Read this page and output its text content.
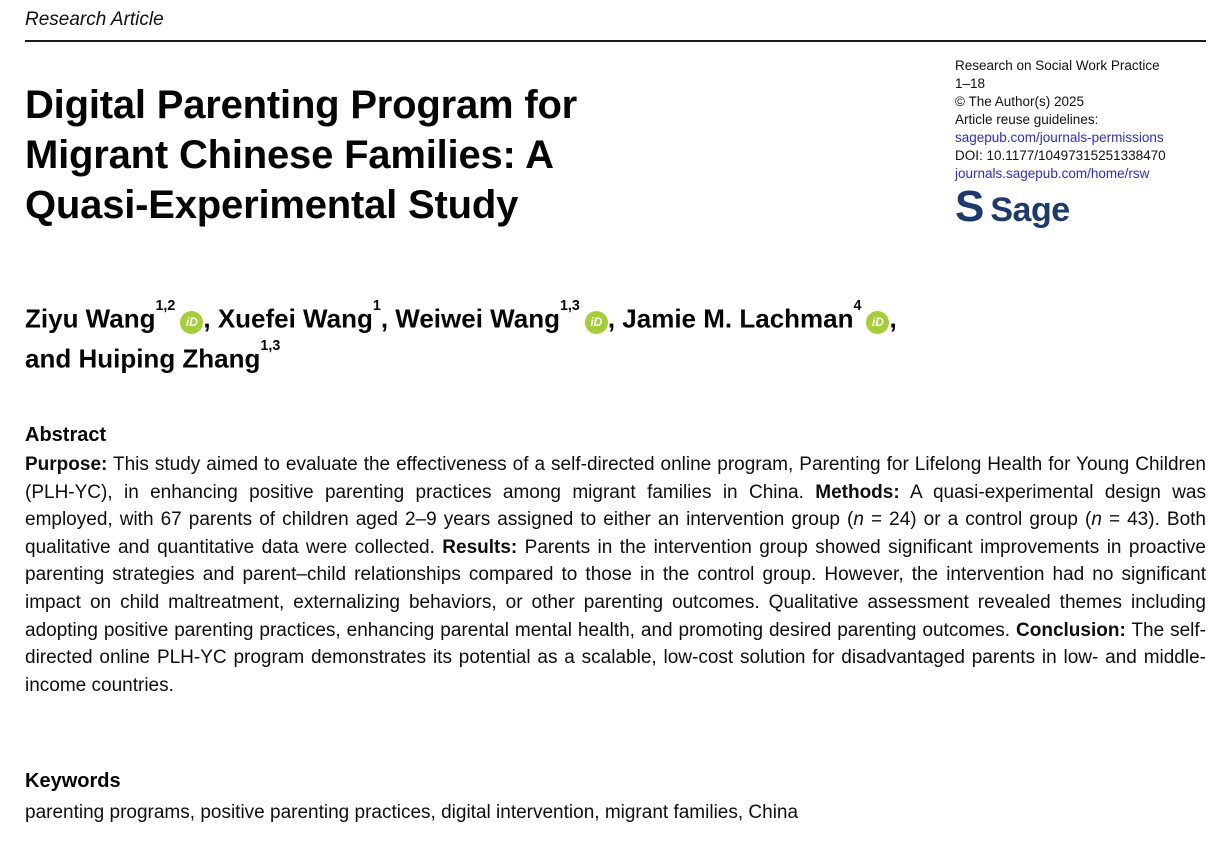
Research Article
Digital Parenting Program for
Migrant Chinese Families: A
Quasi-Experimental Study
Research on Social Work Practice
1–18
© The Author(s) 2025
Article reuse guidelines:
sagepub.com/journals-permissions
DOI: 10.1177/10497315251338470
journals.sagepub.com/home/rsw
S Sage
Ziyu Wang$^{1,2}$iD , Xuefei Wang$^1$, Weiwei Wang$^{1,3}$iD , Jamie M. Lachman$^4$iD ,
and Huiping Zhang$^{1,3}$
Abstract

Purpose: This study aimed to evaluate the effectiveness of a self-directed online program, Parenting for Lifelong Health for Young Children (PLH-YC), in enhancing positive parenting practices among migrant families in China. Methods: A quasi-experimental design was employed, with 67 parents of children aged 2–9 years assigned to either an intervention group (n = 24) or a control group (n = 43). Both qualitative and quantitative data were collected. Results: Parents in the intervention group showed significant improvements in proactive parenting strategies and parent–child relationships compared to those in the control group. However, the intervention had no significant impact on child maltreatment, externalizing behaviors, or other parenting outcomes. Qualitative assessment revealed themes including adopting positive parenting practices, enhancing parental mental health, and promoting desired parenting outcomes. Conclusion: The self-directed online PLH-YC program demonstrates its potential as a scalable, low-cost solution for disadvantaged parents in low- and middle-income countries.

Keywords

parenting programs, positive parenting practices, digital intervention, migrant families, China
